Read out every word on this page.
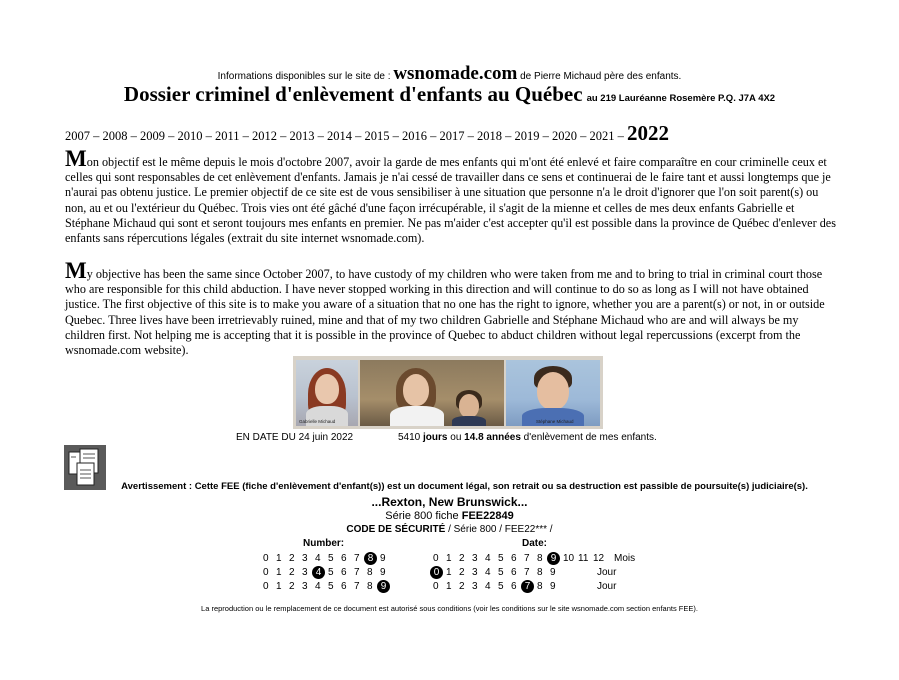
Informations disponibles sur le site de : wsnomade.com de Pierre Michaud père des enfants.
Dossier criminel d'enlèvement d'enfants au Québec au 219 Lauréanne Rosemère P.Q. J7A 4X2
2007 – 2008 – 2009 – 2010 – 2011 – 2012 – 2013 – 2014 – 2015 – 2016 – 2017 – 2018 – 2019 – 2020 – 2021 – 2022
Mon objectif est le même depuis le mois d'octobre 2007, avoir la garde de mes enfants qui m'ont été enlevé et faire comparaître en cour criminelle ceux et celles qui sont responsables de cet enlèvement d'enfants. Jamais je n'ai cessé de travailler dans ce sens et continuerai de le faire tant et aussi longtemps que je n'aurai pas obtenu justice. Le premier objectif de ce site est de vous sensibiliser à une situation que personne n'a le droit d'ignorer que l'on soit parent(s) ou non, au et ou l'extérieur du Québec. Trois vies ont été gâché d'une façon irrécupérable, il s'agit de la mienne et celles de mes deux enfants Gabrielle et Stéphane Michaud qui sont et seront toujours mes enfants en premier. Ne pas m'aider c'est accepter qu'il est possible dans la province de Québec d'enlever des enfants sans répercutions légales (extrait du site internet wsnomade.com).
My objective has been the same since October 2007, to have custody of my children who were taken from me and to bring to trial in criminal court those who are responsible for this child abduction. I have never stopped working in this direction and will continue to do so as long as I will not have obtained justice. The first objective of this site is to make you aware of a situation that no one has the right to ignore, whether you are a parent(s) or not, in or outside Quebec. Three lives have been irretrievably ruined, mine and that of my two children Gabrielle and Stéphane Michaud who are and will always be my children first. Not helping me is accepting that it is possible in the province of Quebec to abduct children without legal repercussions (excerpt from the wsnomade.com website).
Gabrielle Michaud	Stéphane Michaud
EN DATE DU 24 juin 2022	5410 jours ou 14.8 années d'enlèvement de mes enfants.
Avertissement : Cette FEE (fiche d'enlèvement d'enfant(s)) est un document légal, son retrait ou sa destruction est passible de poursuite(s) judiciaire(s).
...Rexton, New Brunswick...
Série 800 fiche FEE22849
CODE DE SÉCURITÉ / Série 800 / FEE22*** /
Number:	Date:
0 1 2 3 4 5 6 7 8 9	0 1 2 3 4 5 6 7 8 9 10 11 12 Mois
0 1 2 3 4 5 6 7 8 9	0 1 2 3 4 5 6 7 8 9	Jour
0 1 2 3 4 5 6 7 8 9	0 1 2 3 4 5 6 7 8 9	Jour
La reproduction ou le remplacement de ce document est autorisé sous conditions (voir les conditions sur le site wsnomade.com section enfants FEE).
